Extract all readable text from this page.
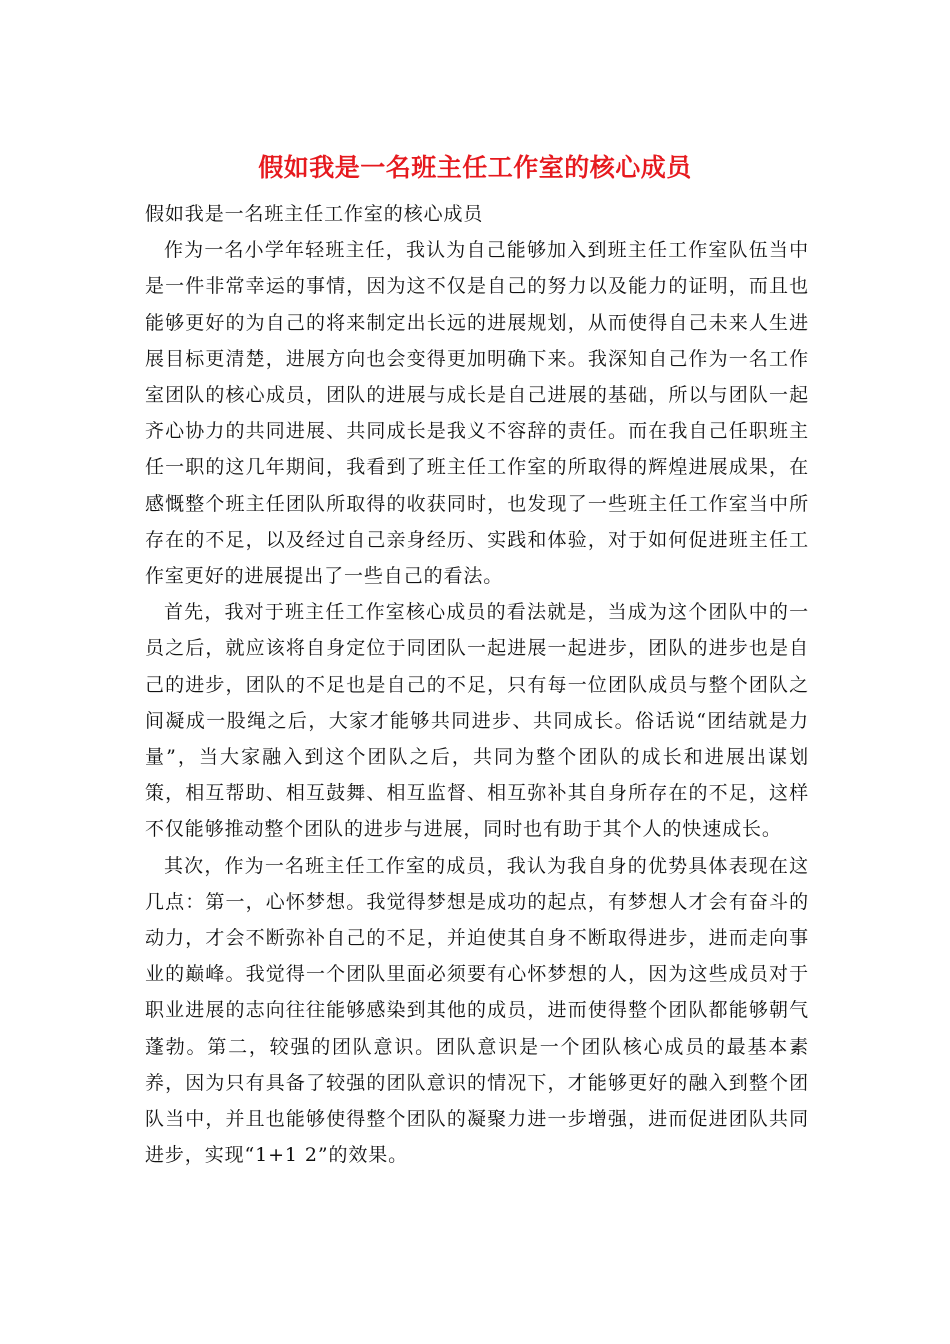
假如我是一名班主任工作室的核心成员

假如我是一名班主任工作室的核心成员

作为一名小学年轻班主任，我认为自己能够加入到班主任工作室队伍当中是一件非常幸运的事情，因为这不仅是自己的努力以及能力的证明，而且也能够更好的为自己的将来制定出长远的进展规划，从而使得自己未来人生进展目标更清楚，进展方向也会变得更加明确下来。我深知自己作为一名工作室团队的核心成员，团队的进展与成长是自己进展的基础，所以与团队一起齐心协力的共同进展、共同成长是我义不容辞的责任。而在我自己任职班主任一职的这几年期间，我看到了班主任工作室的所取得的辉煌进展成果，在感慨整个班主任团队所取得的收获同时，也发现了一些班主任工作室当中所存在的不足，以及经过自己亲身经历、实践和体验，对于如何促进班主任工作室更好的进展提出了一些自己的看法。

首先，我对于班主任工作室核心成员的看法就是，当成为这个团队中的一员之后，就应该将自身定位于同团队一起进展一起进步，团队的进步也是自己的进步，团队的不足也是自己的不足，只有每一位团队成员与整个团队之间凝成一股绳之后，大家才能够共同进步、共同成长。俗话说“团结就是力量”，当大家融入到这个团队之后，共同为整个团队的成长和进展出谋划策，相互帮助、相互鼓舞、相互监督、相互弥补其自身所存在的不足，这样不仅能够推动整个团队的进步与进展，同时也有助于其个人的快速成长。

其次，作为一名班主任工作室的成员，我认为我自身的优势具体表现在这几点：第一，心怀梦想。我觉得梦想是成功的起点，有梦想人才会有奋斗的动力，才会不断弥补自己的不足，并迫使其自身不断取得进步，进而走向事业的巅峰。我觉得一个团队里面必须要有心怀梦想的人，因为这些成员对于职业进展的志向往往能够感染到其他的成员，进而使得整个团队都能够朝气蓬勃。第二，较强的团队意识。团队意识是一个团队核心成员的最基本素养，因为只有具备了较强的团队意识的情况下，才能够更好的融入到整个团队当中，并且也能够使得整个团队的凝聚力进一步增强，进而促进团队共同进步，实现“1+1 2”的效果。
